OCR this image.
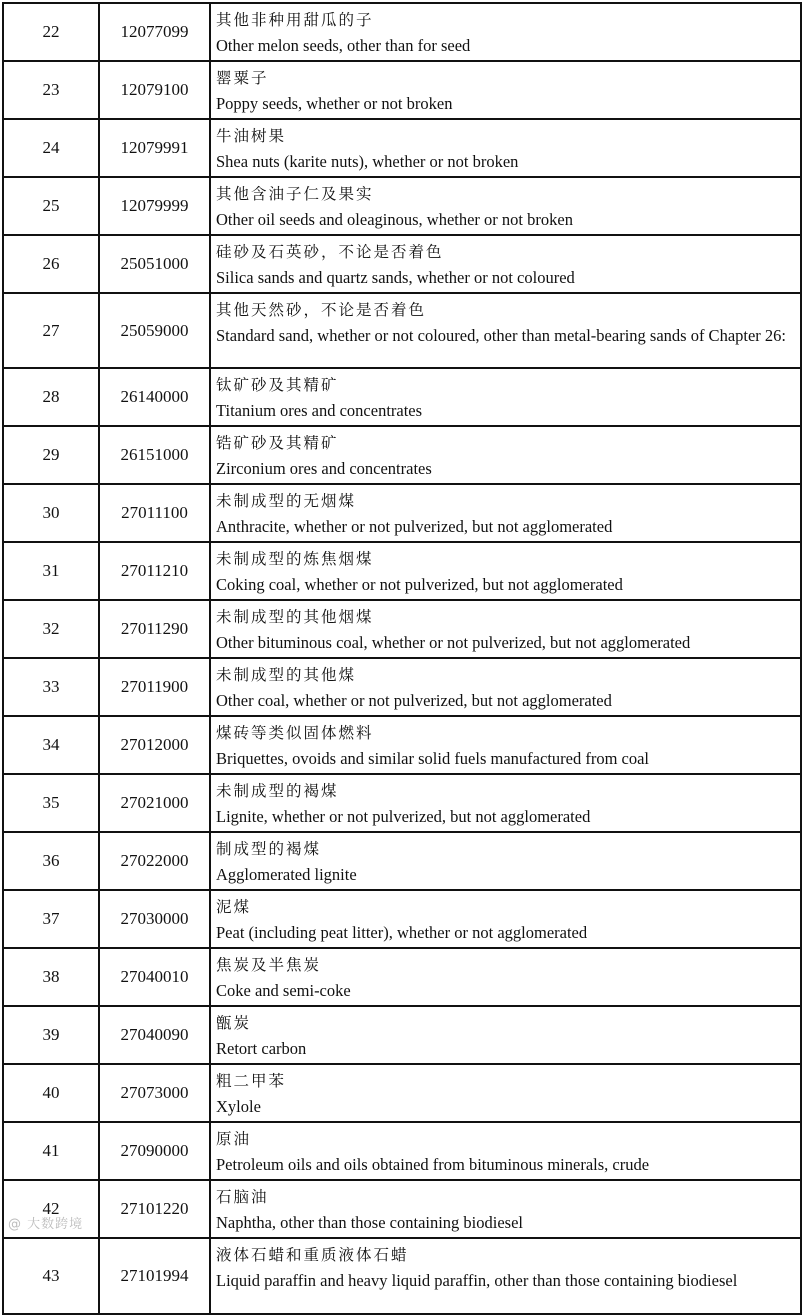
22	12077099	其他非种用甜瓜的子
Other melon seeds, other than for seed

23	12079100	罂粟子
Poppy seeds, whether or not broken

24	12079991	牛油树果
Shea nuts (karite nuts), whether or not broken

25	12079999	其他含油子仁及果实
Other oil seeds and oleaginous, whether or not broken

26	25051000	硅砂及石英砂，不论是否着色
Silica sands and quartz sands, whether or not coloured

27	25059000	其他天然砂，不论是否着色
Standard sand, whether or not coloured, other than metal-bearing sands of Chapter 26:

28	26140000	钛矿砂及其精矿
Titanium ores and concentrates

29	26151000	锆矿砂及其精矿
Zirconium ores and concentrates

30	27011100	未制成型的无烟煤
Anthracite, whether or not pulverized, but not agglomerated

31	27011210	未制成型的炼焦烟煤
Coking coal, whether or not pulverized, but not agglomerated

32	27011290	未制成型的其他烟煤
Other bituminous coal, whether or not pulverized, but not agglomerated

33	27011900	未制成型的其他煤
Other coal, whether or not pulverized, but not agglomerated

34	27012000	煤砖等类似固体燃料
Briquettes, ovoids and similar solid fuels manufactured from coal

35	27021000	未制成型的褐煤
Lignite, whether or not pulverized, but not agglomerated

36	27022000	制成型的褐煤
Agglomerated lignite

37	27030000	泥煤
Peat (including peat litter), whether or not agglomerated

38	27040010	焦炭及半焦炭
Coke and semi-coke

39	27040090	甑炭
Retort carbon

40	27073000	粗二甲苯
Xylole

41	27090000	原油
Petroleum oils and oils obtained from bituminous minerals, crude

42	27101220	石脑油
Naphtha, other than those containing biodiesel

43	27101994	液体石蜡和重质液体石蜡
Liquid paraffin and heavy liquid paraffin, other than those containing biodiesel
@ 大数跨境
